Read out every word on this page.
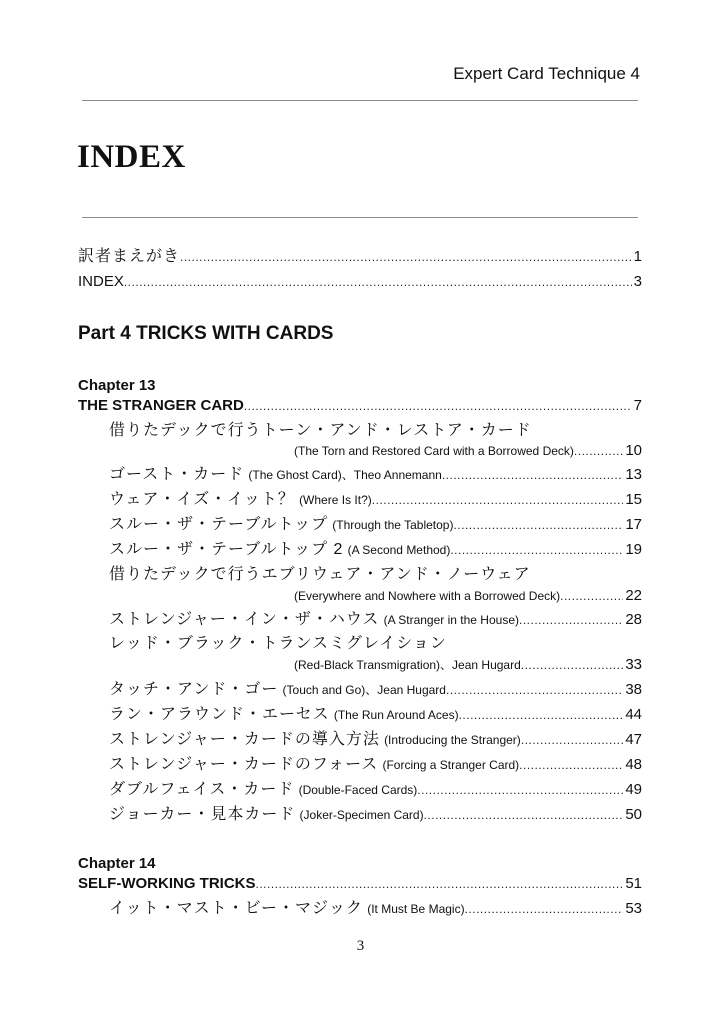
Expert Card Technique 4
INDEX
訳者まえがき .....	1
INDEX .....	3
Part 4 TRICKS WITH CARDS
Chapter 13
THE STRANGER CARD .....	7
借りたデックで行うトーン・アンド・レストア・カード
(The Torn and Restored Card with a Borrowed Deck) .....	10
ゴースト・カード (The Ghost Card)、Theo Annemann .....	13
ウェア・イズ・イット？ (Where Is It?) .....	15
スルー・ザ・テーブルトップ (Through the Tabletop) .....	17
スルー・ザ・テーブルトップ 2 (A Second Method) .....	19
借りたデックで行うエブリウェア・アンド・ノーウェア
(Everywhere and Nowhere with a Borrowed Deck) .....	22
ストレンジャー・イン・ザ・ハウス (A Stranger in the House) .....	28
レッド・ブラック・トランスミグレイション
(Red-Black Transmigration)、Jean Hugard .....	33
タッチ・アンド・ゴー (Touch and Go)、Jean Hugard .....	38
ラン・アラウンド・エーセス (The Run Around Aces) .....	44
ストレンジャー・カードの導入方法 (Introducing the Stranger) .....	47
ストレンジャー・カードのフォース (Forcing a Stranger Card) .....	48
ダブルフェイス・カード (Double-Faced Cards) .....	49
ジョーカー・見本カード (Joker-Specimen Card) .....	50
Chapter 14
SELF-WORKING TRICKS .....	51
イット・マスト・ビー・マジック (It Must Be Magic) .....	53
3
